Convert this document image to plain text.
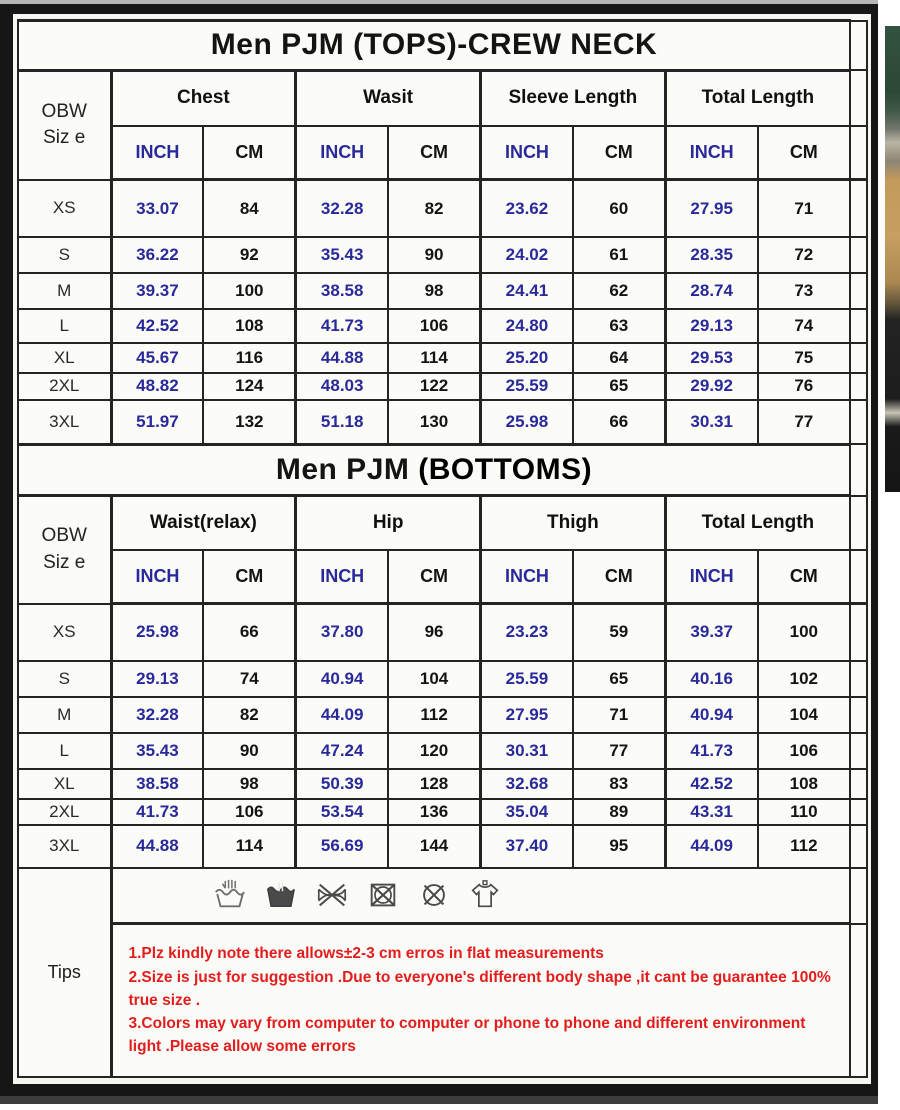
Men PJM (TOPS)-CREW NECK									

OBW
Siz e	Chest		Wasit		Sleeve Length		Total Length		
	INCH	CM	INCH	CM	INCH	CM	INCH	CM	
XS	33.07	84	32.28	82	23.62	60	27.95	71	
S	36.22	92	35.43	90	24.02	61	28.35	72	
M	39.37	100	38.58	98	24.41	62	28.74	73	
L	42.52	108	41.73	106	24.80	63	29.13	74	
XL	45.67	116	44.88	114	25.20	64	29.53	75	
2XL	48.82	124	48.03	122	25.59	65	29.92	76	
3XL	51.97	132	51.18	130	25.98	66	30.31	77	
Men PJM (BOTTOMS)									

OBW
Siz e	Waist(relax)		Hip		Thigh		Total Length		
	INCH	CM	INCH	CM	INCH	CM	INCH	CM	
XS	25.98	66	37.80	96	23.23	59	39.37	100	
S	29.13	74	40.94	104	25.59	65	40.16	102	
M	32.28	82	44.09	112	27.95	71	40.94	104	
L	35.43	90	47.24	120	30.31	77	41.73	106	
XL	38.58	98	50.39	128	32.68	83	42.52	108	
2XL	41.73	106	53.54	136	35.04	89	43.31	110	
3XL	44.88	114	56.69	144	37.40	95	44.09	112	
Tips	

	1.Plz kindly note there allows±2-3 cm erros in flat measurements
2.Size is just for suggestion .Due to everyone's different body shape ,it cant be guarantee 100% true size .
3.Colors may vary from computer to computer or phone to phone and different environment light .Please allow some errors								
